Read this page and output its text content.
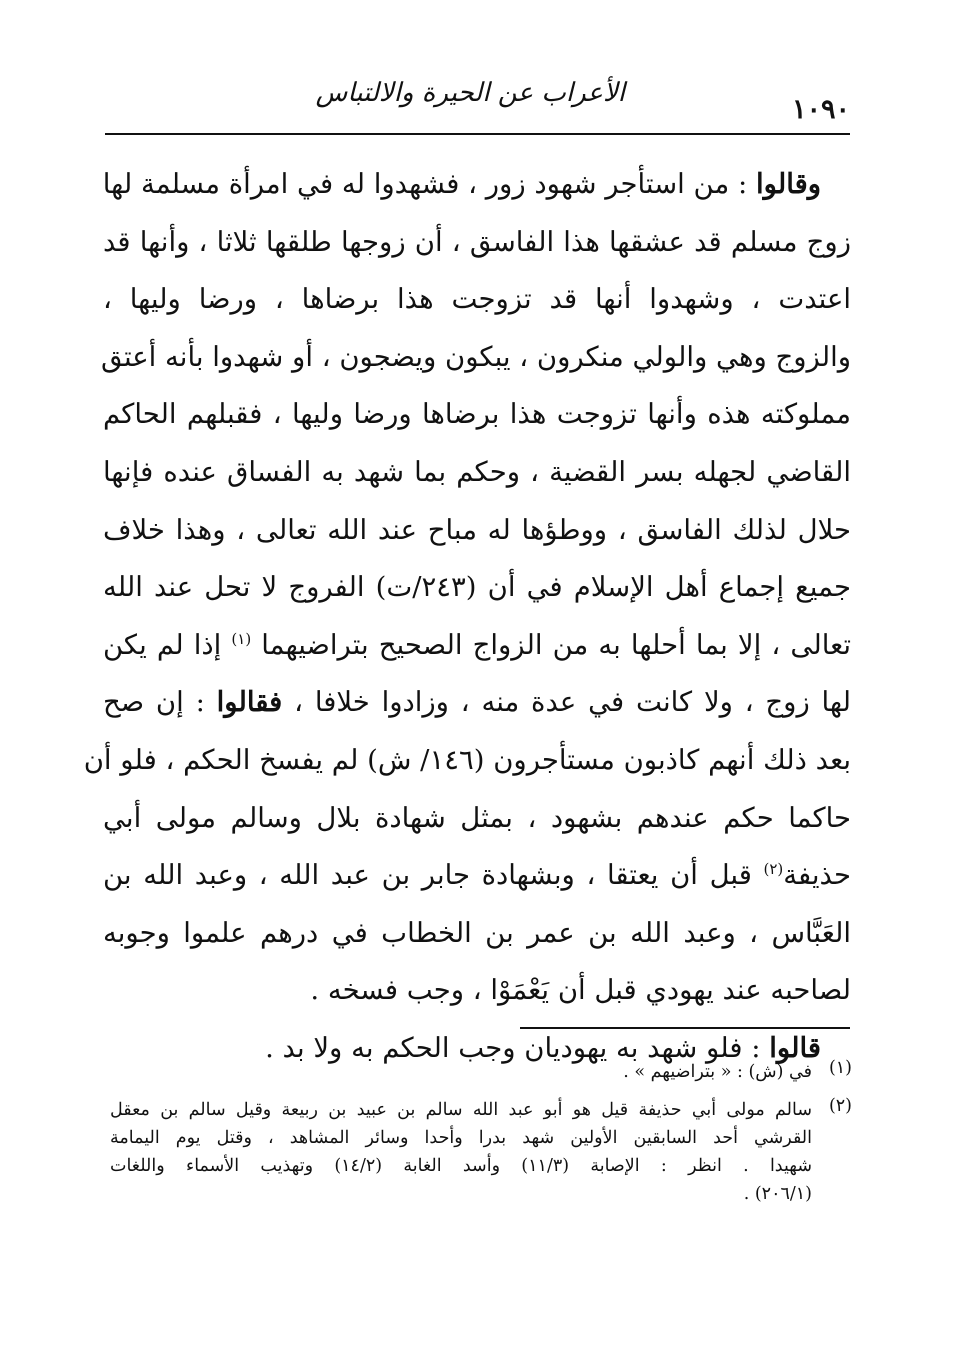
١٠٩٠
الأعراب عن الحيرة والالتباس
وقالوا : من استأجر شهود زور ، فشهدوا له في امرأة مسلمة لها
زوج مسلم قد عشقها هذا الفاسق ، أن زوجها طلقها ثلاثا ، وأنها قد
اعتدت ، وشهدوا أنها قد تزوجت هذا برضاها ، ورضا وليها ،
والزوج وهي والولي منكرون ، يبكون ويضجون ، أو شهدوا بأنه أعتق
مملوكته هذه وأنها تزوجت هذا برضاها ورضا وليها ، فقبلهم الحاكم
القاضي لجهله بسر القضية ، وحكم بما شهد به الفساق عنده فإنها
حلال لذلك الفاسق ، ووطؤها له مباح عند الله تعالى ، وهذا خلاف
جميع إجماع أهل الإسلام في أن (٢٤٣/ت) الفروج لا تحل عند الله
تعالى ، إلا بما أحلها به من الزواج الصحيح بتراضيهما $^{(١)}$ إذا لم يكن
لها زوج ، ولا كانت في عدة منه ، وزادوا خلافا ، فقالوا : إن صح
بعد ذلك أنهم كاذبون مستأجرون (١٤٦/ ش) لم يفسخ الحكم ، فلو أن
حاكما حكم عندهم بشهود ، بمثل شهادة بلال وسالم مولى أبي
حذيفة$^{(٢)}$ قبل أن يعتقا ، وبشهادة جابر بن عبد الله ، وعبد الله بن
العَبَّاس ، وعبد الله بن عمر بن الخطاب في درهم علموا وجوبه
لصاحبه عند يهودي قبل أن يَعْمَوْا ، وجب فسخه .
قالوا : فلو شهد به يهوديان وجب الحكم به ولا بد .
(١)
في (ش) : « بتراضيهم » .
(٢)
سالم مولى أبي حذيفة قيل هو أبو عبد الله سالم بن عبيد بن ربيعة وقيل سالم بن معقل
القرشي أحد السابقين الأولين شهد بدرا وأحدا وسائر المشاهد ، وقتل يوم اليمامة
شهيدا . انظر : الإصابة (١١/٣) وأسد الغابة (١٤/٢) وتهذيب الأسماء واللغات
(٢٠٦/١) .
